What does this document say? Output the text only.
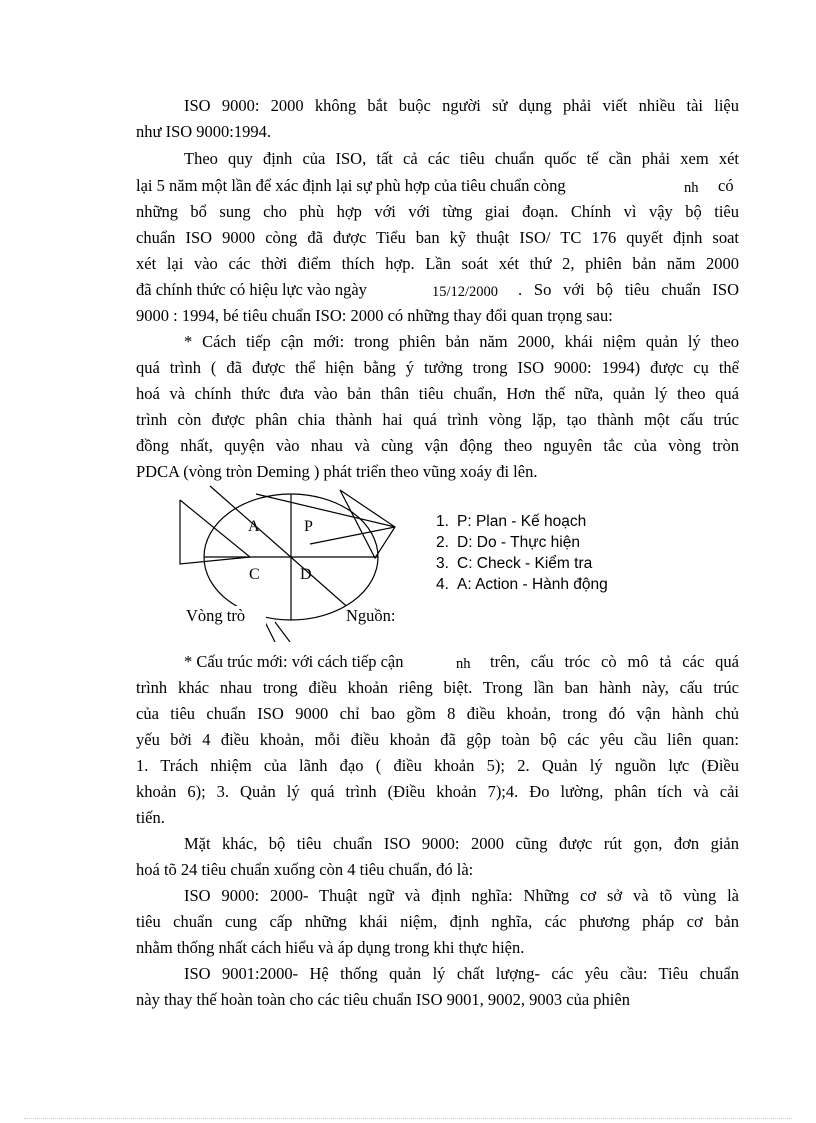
ISO 9000: 2000 không bắt buộc người sử dụng phải viết nhiều tài liệu
như ISO 9000:1994.
Theo quy định của ISO, tất cả các tiêu chuẩn quốc tế cần phải xem xét
lại 5 năm một lần để xác định lại sự phù hợp của tiêu chuẩn còng	nh có
những bổ sung cho phù hợp với với từng giai đoạn. Chính vì vậy bộ tiêu
chuẩn ISO 9000 còng đã được Tiểu ban kỹ thuật ISO/ TC 176 quyết định soat
xét lại vào các thời điểm thích hợp. Lần soát xét thứ 2, phiên bản năm 2000
đã chính thức có hiệu lực vào ngày	15/12/2000 . So với bộ tiêu chuẩn ISO
9000 : 1994, bé tiêu chuẩn ISO: 2000 có những thay đổi quan trọng sau:
* Cách tiếp cận mới: trong phiên bản năm 2000, khái niệm quản lý theo
quá trình ( đã được thể hiện bằng ý tưởng trong ISO 9000: 1994) được cụ thể
hoá và chính thức đưa vào bản thân tiêu chuẩn, Hơn thế nữa, quản lý theo quá
trình còn được phân chia thành hai quá trình vòng lặp, tạo thành một cấu trúc
đồng nhất, quyện vào nhau và cùng vận động theo nguyên tắc của vòng tròn
PDCA (vòng tròn Deming ) phát triển theo vũng xoáy đi lên.
A	P
C	D
Vòng trò	Nguồn:
1. P: Plan - Kế hoạch
2. D: Do - Thực hiện
3. C: Check - Kiểm tra
4. A: Action - Hành động
* Cấu trúc mới: với cách tiếp cận	nh trên, cấu tróc cò mô tả các quá
trình khác nhau trong điều khoản riêng biệt. Trong lần ban hành này, cấu trúc
của tiêu chuẩn ISO 9000 chỉ bao gồm 8 điều khoản, trong đó vận hành chủ
yếu bởi 4 điều khoản, mỗi điều khoản đã gộp toàn bộ các yêu cầu liên quan:
1. Trách nhiệm của lãnh đạo ( điều khoản 5); 2. Quản lý nguồn lực (Điều
khoản 6); 3. Quản lý quá trình (Điều khoản 7);4. Đo lường, phân tích và cải
tiến.
Mặt khác, bộ tiêu chuẩn ISO 9000: 2000 cũng được rút gọn, đơn giản
hoá tõ 24 tiêu chuẩn xuống còn 4 tiêu chuẩn, đó là:
ISO 9000: 2000- Thuật ngữ và định nghĩa: Những cơ sở và tõ vùng là
tiêu chuẩn cung cấp những khái niệm, định nghĩa, các phương pháp cơ bản
nhằm thống nhất cách hiểu và áp dụng trong khi thực hiện.
ISO 9001:2000- Hệ thống quản lý chất lượng- các yêu cầu: Tiêu chuẩn
này thay thế hoàn toàn cho các tiêu chuẩn ISO 9001, 9002, 9003 của phiên
